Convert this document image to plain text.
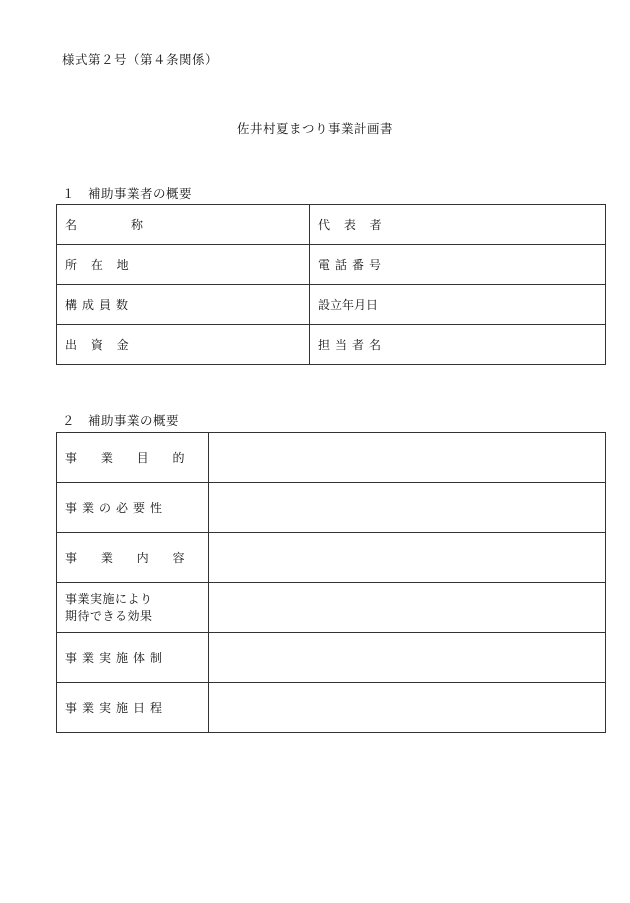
様式第２号（第４条関係）
佐井村夏まつり事業計画書
１　補助事業者の概要
名　　称	代 表 者
所 在 地	電話番号
構成員数	設立年月日
出 資 金	担当者名
２　補助事業の概要
事 業 目 的	
事業の必要性	
事 業 内 容	

事業実施により
期待できる効果	

事業実施体制	
事業実施日程	
